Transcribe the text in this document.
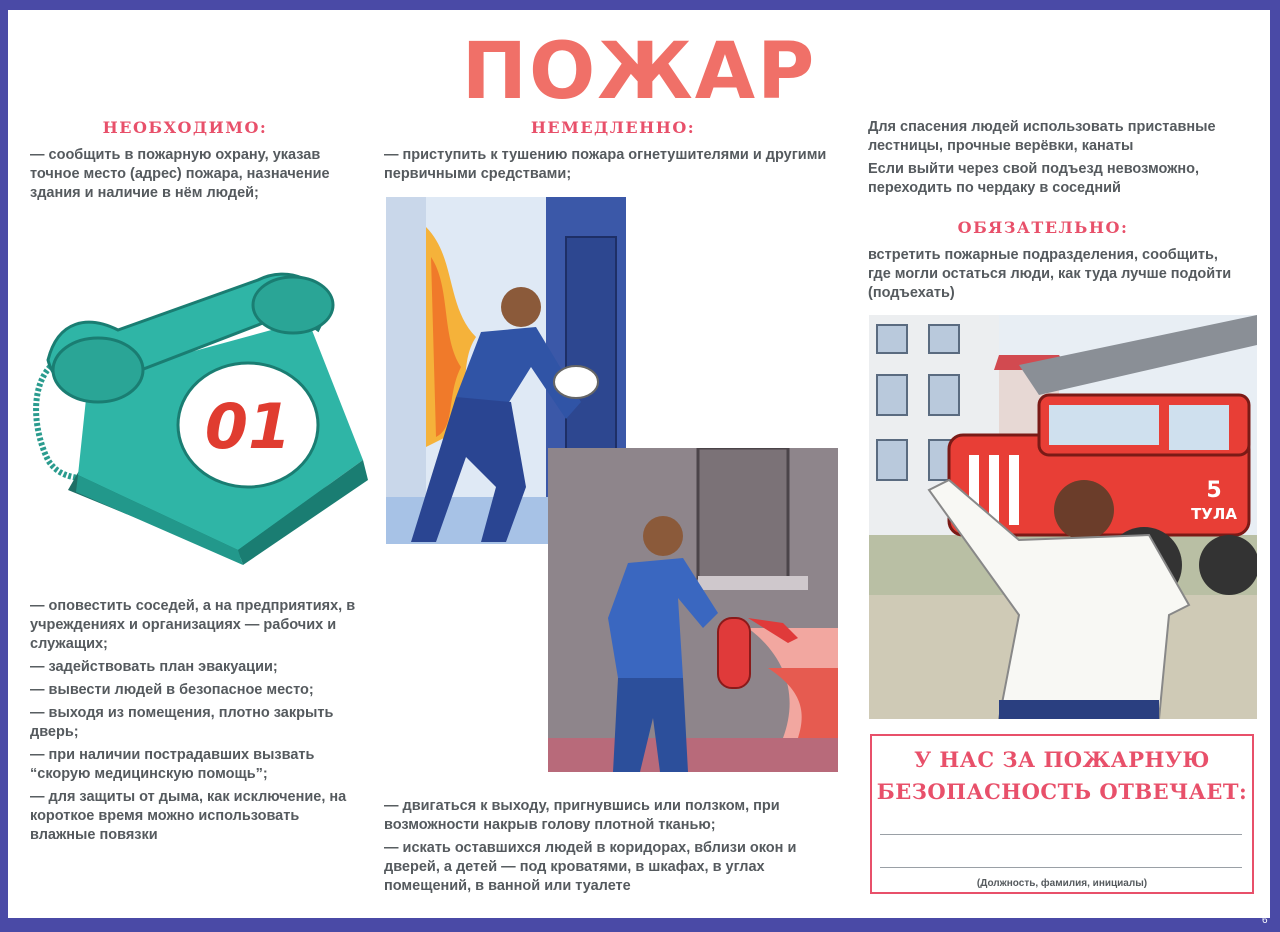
ПОЖАР
НЕОБХОДИМО:

— сообщить в пожарную охрану, указав точное место (адрес) пожара, назначение здания и наличие в нём людей;

01

— оповестить соседей, а на предприятиях, в учреждениях и организациях — рабочих и служащих;

— задействовать план эвакуации;

— вывести людей в безопасное место;

— выходя из помещения, плотно закрыть дверь;

— при наличии пострадавших вызвать “скорую медицинскую помощь”;

— для защиты от дыма, как исключение, на короткое время можно использовать влажные повязки

НЕМЕДЛЕННО:

— приступить к тушению пожара огнетушителями и другими первичными средствами;

— двигаться к выходу, пригнувшись или ползком, при возможности накрыв голову плотной тканью;

— искать оставшихся людей в коридорах, вблизи окон и дверей, а детей — под кроватями, в шкафах, в углах помещений, в ванной или туалете

Для спасения людей использовать приставные лестницы, прочные верёвки, канаты

Если выйти через свой подъезд невозможно, переходить по чердаку в соседний

ОБЯЗАТЕЛЬНО:

встретить пожарные подразделения, сообщить, где могли остаться люди, как туда лучше подойти (подъехать)

5
ТУЛА
У НАС ЗА ПОЖАРНУЮ
БЕЗОПАСНОСТЬ ОТВЕЧАЕТ:
(Должность, фамилия, инициалы)
6
